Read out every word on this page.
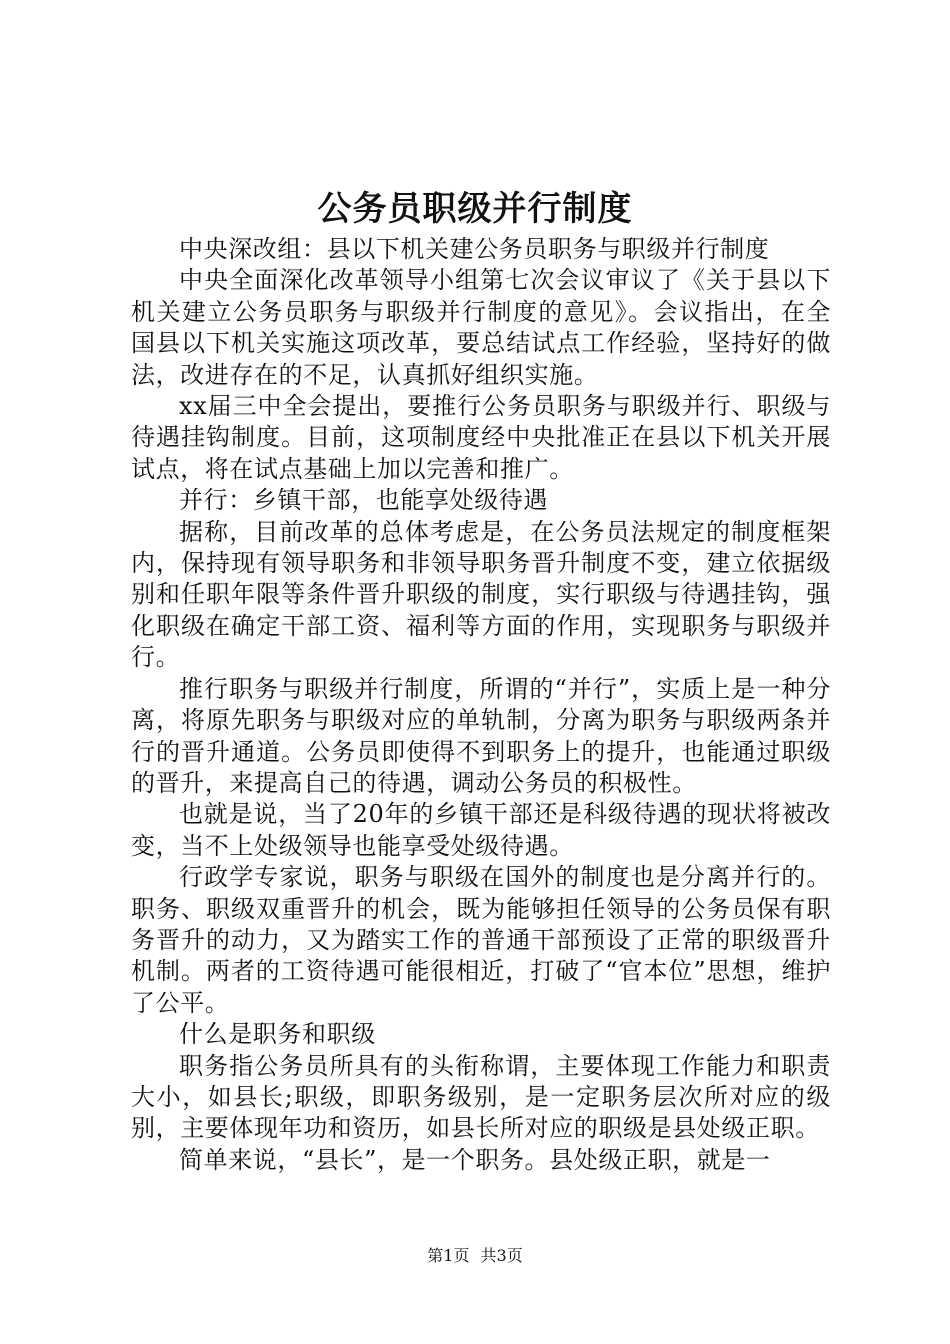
公务员职级并行制度

中央深改组：县以下机关建公务员职务与职级并行制度

中央全面深化改革领导小组第七次会议审议了《关于县以下机关建立公务员职务与职级并行制度的意见》。会议指出，在全国县以下机关实施这项改革，要总结试点工作经验，坚持好的做法，改进存在的不足，认真抓好组织实施。

xx届三中全会提出，要推行公务员职务与职级并行、职级与待遇挂钩制度。目前，这项制度经中央批准正在县以下机关开展试点，将在试点基础上加以完善和推广。

并行：乡镇干部，也能享处级待遇

据称，目前改革的总体考虑是，在公务员法规定的制度框架内，保持现有领导职务和非领导职务晋升制度不变，建立依据级别和任职年限等条件晋升职级的制度，实行职级与待遇挂钩，强化职级在确定干部工资、福利等方面的作用，实现职务与职级并行。

推行职务与职级并行制度，所谓的“并行”，实质上是一种分离，将原先职务与职级对应的单轨制，分离为职务与职级两条并行的晋升通道。公务员即使得不到职务上的提升，也能通过职级的晋升，来提高自己的待遇，调动公务员的积极性。

也就是说，当了20年的乡镇干部还是科级待遇的现状将被改变，当不上处级领导也能享受处级待遇。

行政学专家说，职务与职级在国外的制度也是分离并行的。职务、职级双重晋升的机会，既为能够担任领导的公务员保有职务晋升的动力，又为踏实工作的普通干部预设了正常的职级晋升机制。两者的工资待遇可能很相近，打破了“官本位”思想，维护了公平。

什么是职务和职级

职务指公务员所具有的头衔称谓，主要体现工作能力和职责大小，如县长;职级，即职务级别，是一定职务层次所对应的级别，主要体现年功和资历，如县长所对应的职级是县处级正职。

简单来说，“县长”，是一个职务。县处级正职，就是一

第1页 共3页
